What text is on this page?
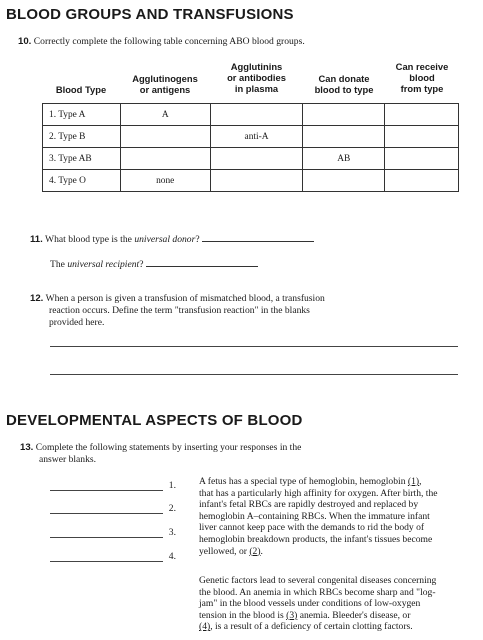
BLOOD GROUPS AND TRANSFUSIONS
10. Correctly complete the following table concerning ABO blood groups.
Blood Type
Agglutinogens
or antigens
Agglutinins
or antibodies
in plasma
Can donate
blood to type
Can receive
blood
from type
1. Type A	A			
2. Type B		anti-A		
3. Type AB			AB	
4. Type O	none			
11. What blood type is the universal donor?
The universal recipient?
12. When a person is given a transfusion of mismatched blood, a transfusion
reaction occurs. Define the term "transfusion reaction" in the blanks
provided here.
DEVELOPMENTAL ASPECTS OF BLOOD
13. Complete the following statements by inserting your responses in the
answer blanks.
1.
2.
3.
4.
A fetus has a special type of hemoglobin, hemoglobin (1),
that has a particularly high affinity for oxygen. After birth, the
infant's fetal RBCs are rapidly destroyed and replaced by
hemoglobin A–containing RBCs. When the immature infant
liver cannot keep pace with the demands to rid the body of
hemoglobin breakdown products, the infant's tissues become
yellowed, or (2).
Genetic factors lead to several congenital diseases concerning
the blood. An anemia in which RBCs become sharp and "log-
jam" in the blood vessels under conditions of low-oxygen
tension in the blood is (3) anemia. Bleeder's disease, or
(4), is a result of a deficiency of certain clotting factors.
